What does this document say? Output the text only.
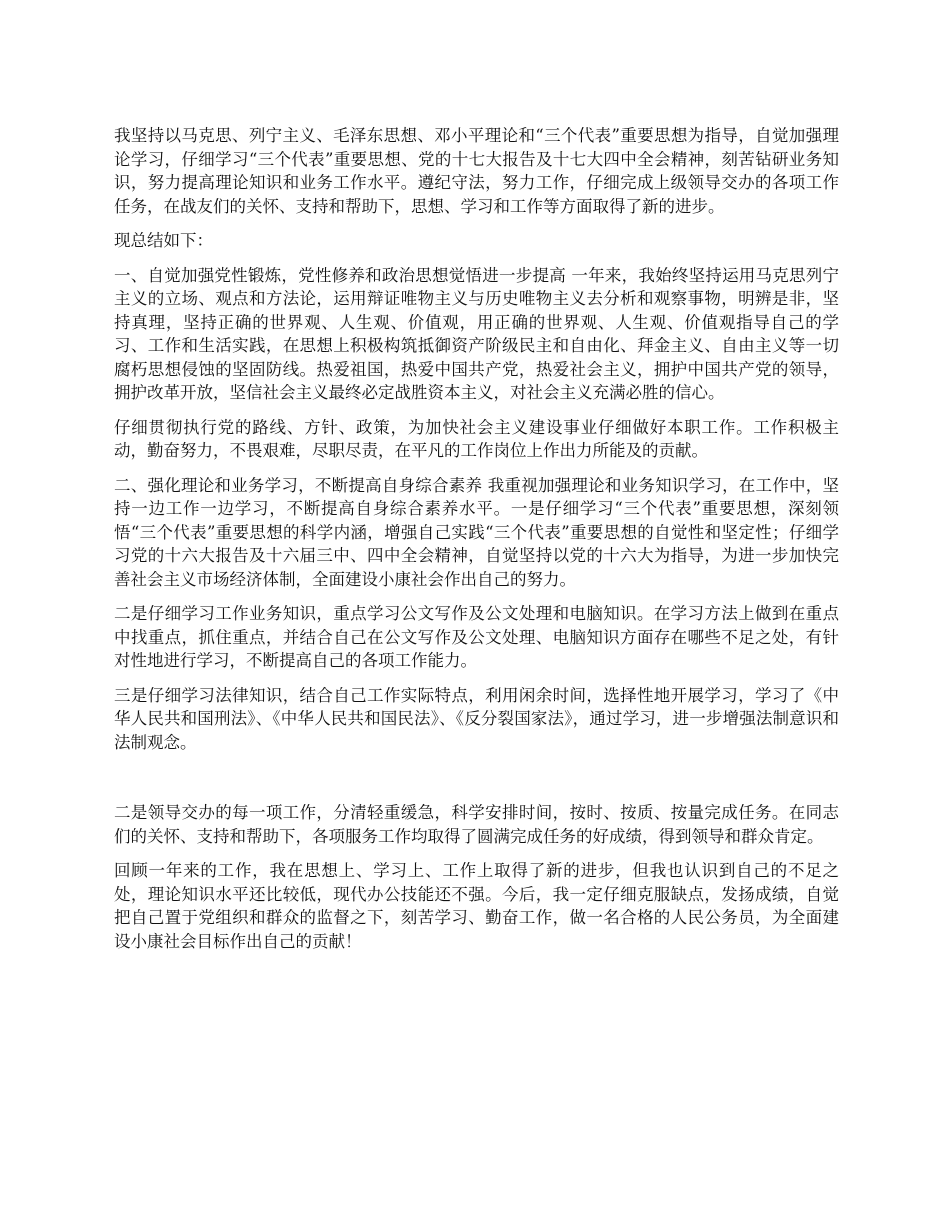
我坚持以马克思、列宁主义、毛泽东思想、邓小平理论和“三个代表”重要思想为指导，自觉加强理论学习，仔细学习“三个代表”重要思想、党的十七大报告及十七大四中全会精神，刻苦钻研业务知识，努力提高理论知识和业务工作水平。遵纪守法，努力工作，仔细完成上级领导交办的各项工作任务，在战友们的关怀、支持和帮助下，思想、学习和工作等方面取得了新的进步。

现总结如下：

一、自觉加强党性锻炼，党性修养和政治思想觉悟进一步提高 一年来，我始终坚持运用马克思列宁主义的立场、观点和方法论，运用辩证唯物主义与历史唯物主义去分析和观察事物，明辨是非，坚持真理，坚持正确的世界观、人生观、价值观，用正确的世界观、人生观、价值观指导自己的学习、工作和生活实践，在思想上积极构筑抵御资产阶级民主和自由化、拜金主义、自由主义等一切腐朽思想侵蚀的坚固防线。热爱祖国，热爱中国共产党，热爱社会主义，拥护中国共产党的领导，拥护改革开放，坚信社会主义最终必定战胜资本主义，对社会主义充满必胜的信心。

仔细贯彻执行党的路线、方针、政策，为加快社会主义建设事业仔细做好本职工作。工作积极主动，勤奋努力，不畏艰难，尽职尽责，在平凡的工作岗位上作出力所能及的贡献。

二、强化理论和业务学习，不断提高自身综合素养 我重视加强理论和业务知识学习，在工作中，坚持一边工作一边学习，不断提高自身综合素养水平。一是仔细学习“三个代表”重要思想，深刻领悟“三个代表”重要思想的科学内涵，增强自己实践“三个代表”重要思想的自觉性和坚定性；仔细学习党的十六大报告及十六届三中、四中全会精神，自觉坚持以党的十六大为指导，为进一步加快完善社会主义市场经济体制，全面建设小康社会作出自己的努力。

二是仔细学习工作业务知识，重点学习公文写作及公文处理和电脑知识。在学习方法上做到在重点中找重点，抓住重点，并结合自己在公文写作及公文处理、电脑知识方面存在哪些不足之处，有针对性地进行学习，不断提高自己的各项工作能力。

三是仔细学习法律知识，结合自己工作实际特点，利用闲余时间，选择性地开展学习，学习了《中华人民共和国刑法》、《中华人民共和国民法》、《反分裂国家法》，通过学习，进一步增强法制意识和法制观念。

二是领导交办的每一项工作，分清轻重缓急，科学安排时间，按时、按质、按量完成任务。在同志们的关怀、支持和帮助下，各项服务工作均取得了圆满完成任务的好成绩，得到领导和群众肯定。

回顾一年来的工作，我在思想上、学习上、工作上取得了新的进步，但我也认识到自己的不足之处，理论知识水平还比较低，现代办公技能还不强。今后，我一定仔细克服缺点，发扬成绩，自觉把自己置于党组织和群众的监督之下，刻苦学习、勤奋工作，做一名合格的人民公务员，为全面建设小康社会目标作出自己的贡献！
